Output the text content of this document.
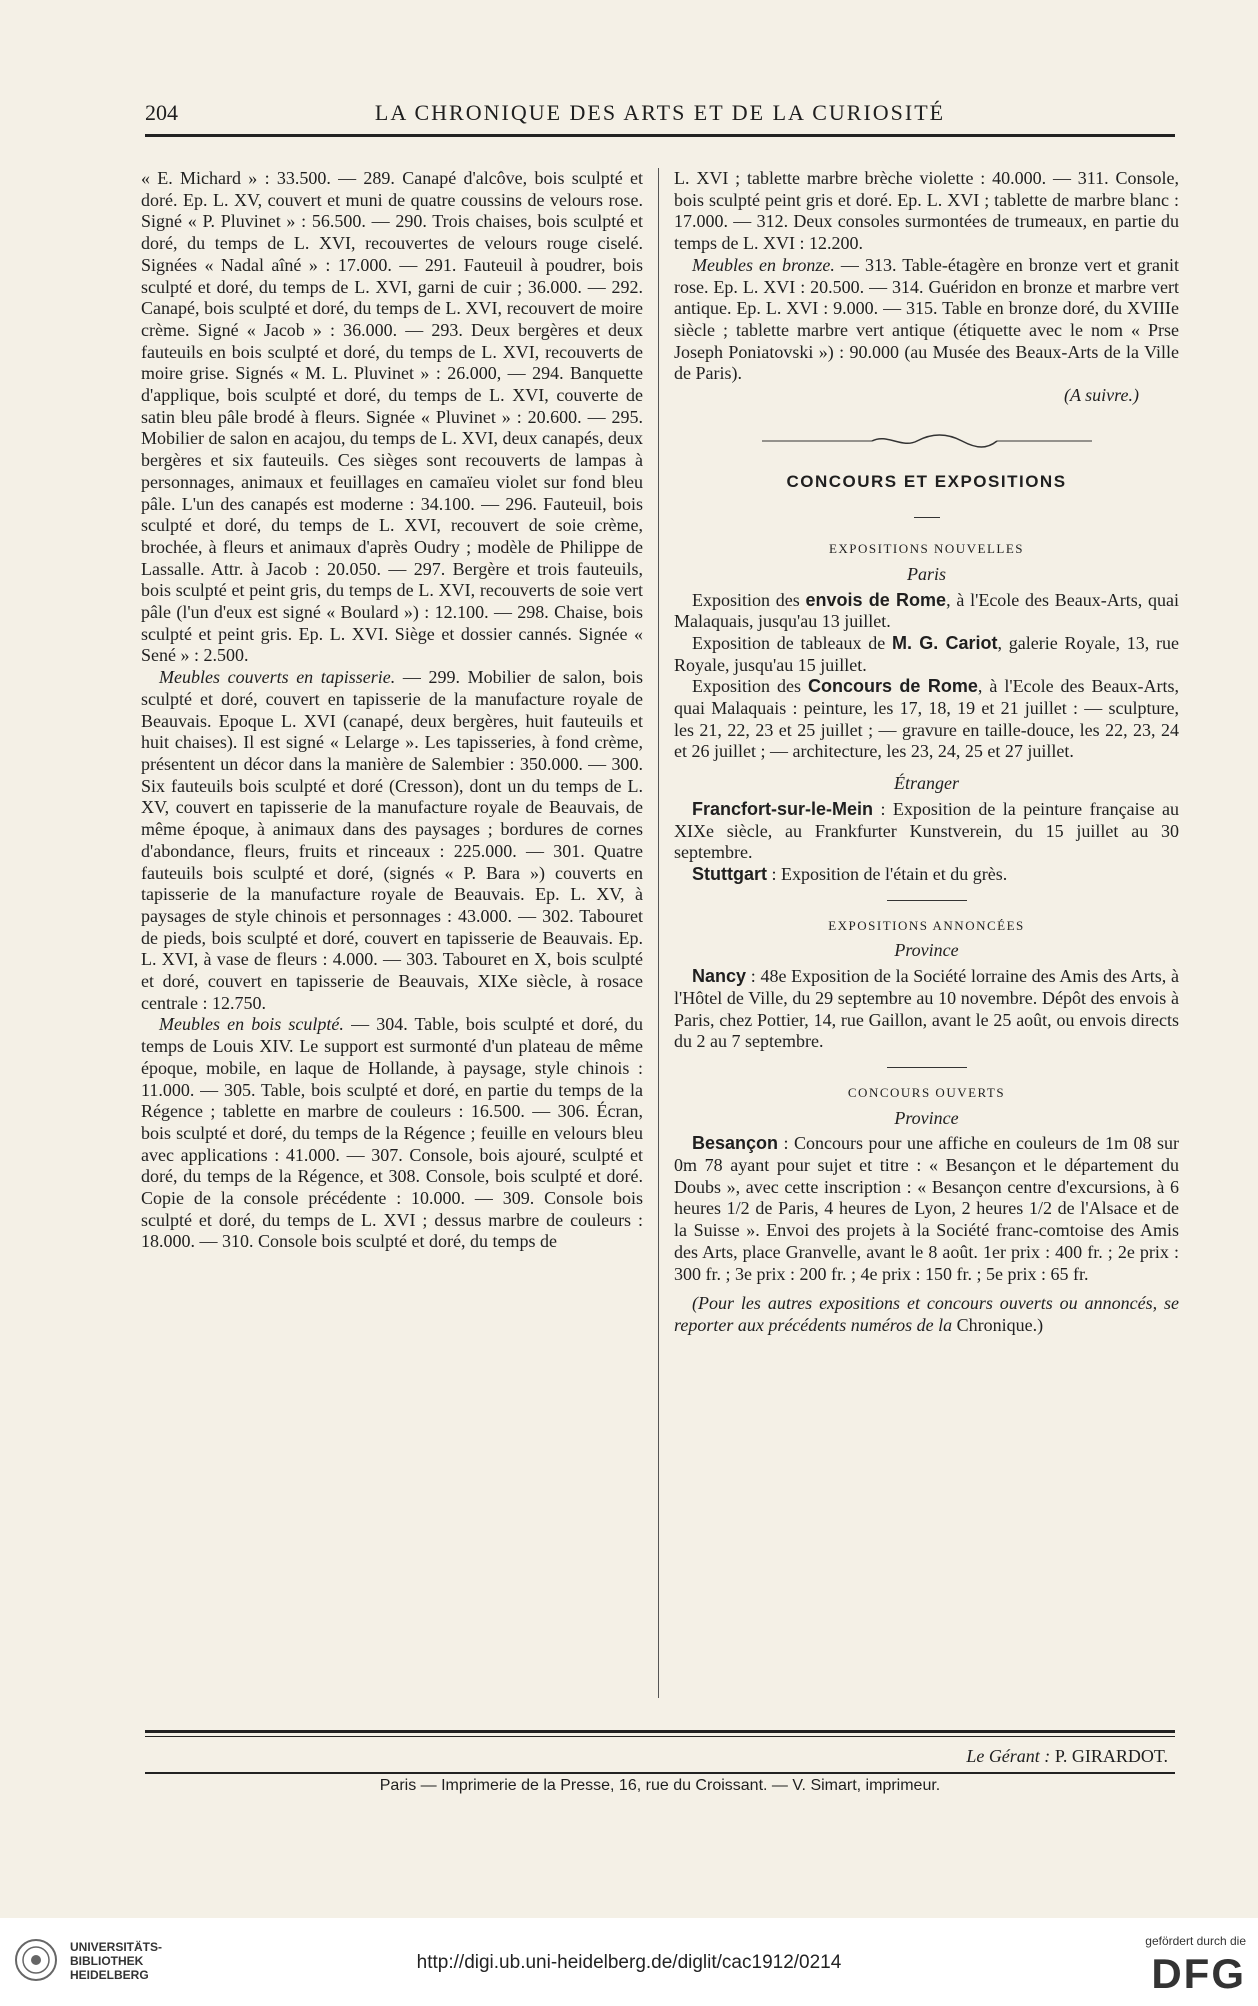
204	LA CHRONIQUE DES ARTS ET DE LA CURIOSITÉ

« E. Michard » : 33.500. — 289. Canapé d'alcôve, bois sculpté et doré. Ep. L. XV, couvert et muni de quatre coussins de velours rose. Signé « P. Pluvinet » : 56.500. — 290. Trois chaises, bois sculpté et doré, du temps de L. XVI, recouvertes de velours rouge ciselé. Signées « Nadal aîné » : 17.000. — 291. Fauteuil à poudrer, bois sculpté et doré, du temps de L. XVI, garni de cuir ; 36.000. — 292. Canapé, bois sculpté et doré, du temps de L. XVI, recouvert de moire crème. Signé « Jacob » : 36.000. — 293. Deux bergères et deux fauteuils en bois sculpté et doré, du temps de L. XVI, recouverts de moire grise. Signés « M. L. Pluvinet » : 26.000, — 294. Banquette d'applique, bois sculpté et doré, du temps de L. XVI, couverte de satin bleu pâle brodé à fleurs. Signée « Pluvinet » : 20.600. — 295. Mobilier de salon en acajou, du temps de L. XVI, deux canapés, deux bergères et six fauteuils. Ces sièges sont recouverts de lampas à personnages, animaux et feuillages en camaïeu violet sur fond bleu pâle. L'un des canapés est moderne : 34.100. — 296. Fauteuil, bois sculpté et doré, du temps de L. XVI, recouvert de soie crème, brochée, à fleurs et animaux d'après Oudry ; modèle de Philippe de Lassalle. Attr. à Jacob : 20.050. — 297. Bergère et trois fauteuils, bois sculpté et peint gris, du temps de L. XVI, recouverts de soie vert pâle (l'un d'eux est signé « Boulard ») : 12.100. — 298. Chaise, bois sculpté et peint gris. Ep. L. XVI. Siège et dossier cannés. Signée « Sené » : 2.500.

Meubles couverts en tapisserie. — 299. Mobilier de salon, bois sculpté et doré, couvert en tapisserie de la manufacture royale de Beauvais. Epoque L. XVI (canapé, deux bergères, huit fauteuils et huit chaises). Il est signé « Lelarge ». Les tapisseries, à fond crème, présentent un décor dans la manière de Salembier : 350.000. — 300. Six fauteuils bois sculpté et doré (Cresson), dont un du temps de L. XV, couvert en tapisserie de la manufacture royale de Beauvais, de même époque, à animaux dans des paysages ; bordures de cornes d'abondance, fleurs, fruits et rinceaux : 225.000. — 301. Quatre fauteuils bois sculpté et doré, (signés « P. Bara ») couverts en tapisserie de la manufacture royale de Beauvais. Ep. L. XV, à paysages de style chinois et personnages : 43.000. — 302. Tabouret de pieds, bois sculpté et doré, couvert en tapisserie de Beauvais. Ep. L. XVI, à vase de fleurs : 4.000. — 303. Tabouret en X, bois sculpté et doré, couvert en tapisserie de Beauvais, XIXe siècle, à rosace centrale : 12.750.

Meubles en bois sculpté. — 304. Table, bois sculpté et doré, du temps de Louis XIV. Le support est surmonté d'un plateau de même époque, mobile, en laque de Hollande, à paysage, style chinois : 11.000. — 305. Table, bois sculpté et doré, en partie du temps de la Régence ; tablette en marbre de couleurs : 16.500. — 306. Écran, bois sculpté et doré, du temps de la Régence ; feuille en velours bleu avec applications : 41.000. — 307. Console, bois ajouré, sculpté et doré, du temps de la Régence, et 308. Console, bois sculpté et doré. Copie de la console précédente : 10.000. — 309. Console bois sculpté et doré, du temps de L. XVI ; dessus marbre de couleurs : 18.000. — 310. Console bois sculpté et doré, du temps de

L. XVI ; tablette marbre brèche violette : 40.000. — 311. Console, bois sculpté peint gris et doré. Ep. L. XVI ; tablette de marbre blanc : 17.000. — 312. Deux consoles surmontées de trumeaux, en partie du temps de L. XVI : 12.200.

Meubles en bronze. — 313. Table-étagère en bronze vert et granit rose. Ep. L. XVI : 20.500. — 314. Guéridon en bronze et marbre vert antique. Ep. L. XVI : 9.000. — 315. Table en bronze doré, du XVIIIe siècle ; tablette marbre vert antique (étiquette avec le nom « Prse Joseph Poniatovski ») : 90.000 (au Musée des Beaux-Arts de la Ville de Paris).

(A suivre.)
CONCOURS ET EXPOSITIONS
EXPOSITIONS NOUVELLES
Paris

Exposition des envois de Rome, à l'Ecole des Beaux-Arts, quai Malaquais, jusqu'au 13 juillet.

Exposition de tableaux de M. G. Cariot, galerie Royale, 13, rue Royale, jusqu'au 15 juillet.

Exposition des Concours de Rome, à l'Ecole des Beaux-Arts, quai Malaquais : peinture, les 17, 18, 19 et 21 juillet : — sculpture, les 21, 22, 23 et 25 juillet ; — gravure en taille-douce, les 22, 23, 24 et 26 juillet ; — architecture, les 23, 24, 25 et 27 juillet.

Étranger

Francfort-sur-le-Mein : Exposition de la peinture française au XIXe siècle, au Frankfurter Kunstverein, du 15 juillet au 30 septembre.

Stuttgart : Exposition de l'étain et du grès.

EXPOSITIONS ANNONCÉES
Province

Nancy : 48e Exposition de la Société lorraine des Amis des Arts, à l'Hôtel de Ville, du 29 septembre au 10 novembre. Dépôt des envois à Paris, chez Pottier, 14, rue Gaillon, avant le 25 août, ou envois directs du 2 au 7 septembre.

CONCOURS OUVERTS
Province

Besançon : Concours pour une affiche en couleurs de 1m 08 sur 0m 78 ayant pour sujet et titre : « Besançon et le département du Doubs », avec cette inscription : « Besançon centre d'excursions, à 6 heures 1/2 de Paris, 4 heures de Lyon, 2 heures 1/2 de l'Alsace et de la Suisse ». Envoi des projets à la Société franc-comtoise des Amis des Arts, place Granvelle, avant le 8 août. 1er prix : 400 fr. ; 2e prix : 300 fr. ; 3e prix : 200 fr. ; 4e prix : 150 fr. ; 5e prix : 65 fr.

(Pour les autres expositions et concours ouverts ou annoncés, se reporter aux précédents numéros de la Chronique.)

Le Gérant : P. GIRARDOT.
Paris — Imprimerie de la Presse, 16, rue du Croissant. — V. Simart, imprimeur.
UNIVERSITÄTS-
BIBLIOTHEK
HEIDELBERG
http://digi.ub.uni-heidelberg.de/diglit/cac1912/0214
gefördert durch die
DFG
